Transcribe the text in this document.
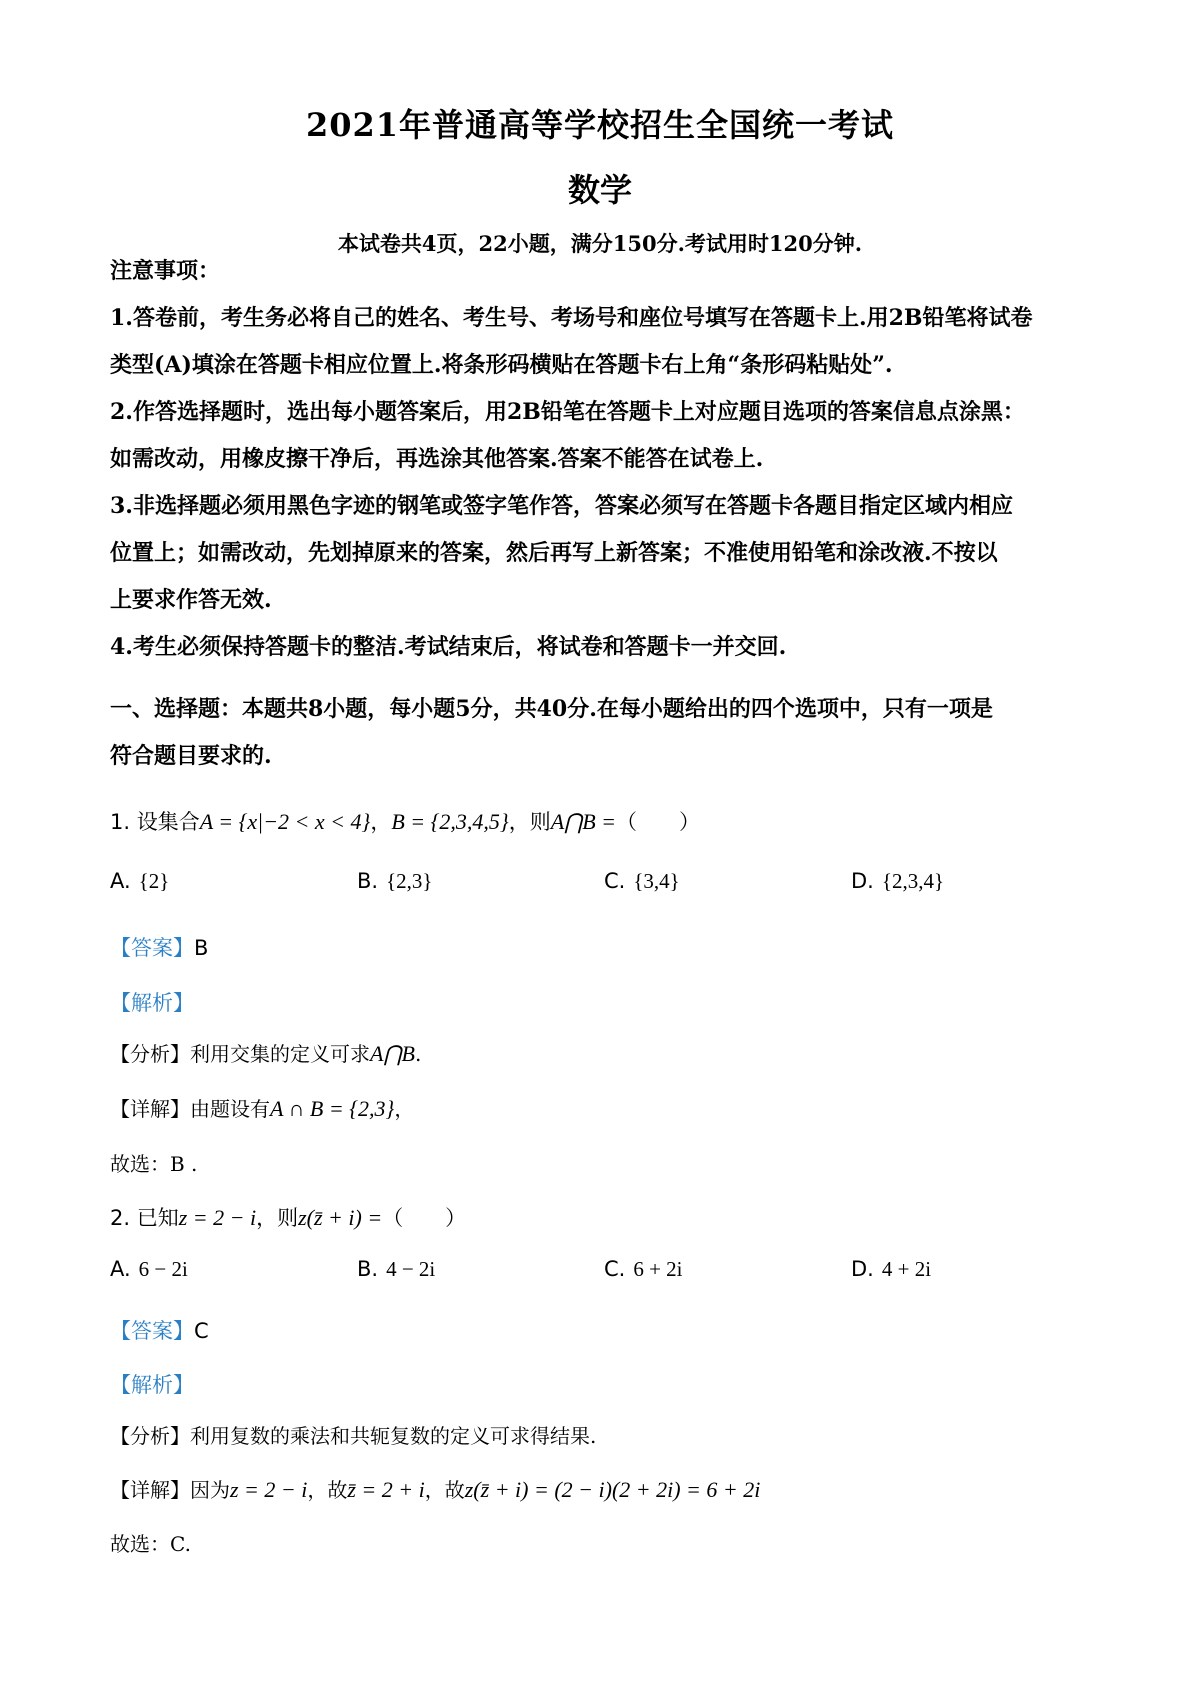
2021年普通高等学校招生全国统一考试
数学
本试卷共4页，22小题，满分150分.考试用时120分钟.
注意事项：

1.答卷前，考生务必将自己的姓名、考生号、考场号和座位号填写在答题卡上.用2B铅笔将试卷

类型(A)填涂在答题卡相应位置上.将条形码横贴在答题卡右上角“条形码粘贴处”.

2.作答选择题时，选出每小题答案后，用2B铅笔在答题卡上对应题目选项的答案信息点涂黑：

如需改动，用橡皮擦干净后，再选涂其他答案.答案不能答在试卷上.

3.非选择题必须用黑色字迹的钢笔或签字笔作答，答案必须写在答题卡各题目指定区域内相应

位置上；如需改动，先划掉原来的答案，然后再写上新答案；不准使用铅笔和涂改液.不按以

上要求作答无效.

4.考生必须保持答题卡的整洁.考试结束后，将试卷和答题卡一并交回.

一、选择题：本题共8小题，每小题5分，共40分.在每小题给出的四个选项中，只有一项是

符合题目要求的.

1. 设集合A = {x|−2 < x < 4}，B = {2,3,4,5}，则A⋂B =（　　）
A. {2}	B. {2,3}	C. {3,4}	D. {2,3,4}
【答案】B
【解析】
【分析】利用交集的定义可求A⋂B.
【详解】由题设有A ∩ B = {2,3}，
故选：B .
2. 已知z = 2 − i，则z(z̄ + i) =（　　）
A. 6 − 2i	B. 4 − 2i	C. 6 + 2i	D. 4 + 2i
【答案】C
【解析】
【分析】利用复数的乘法和共轭复数的定义可求得结果.
【详解】因为z = 2 − i，故z̄ = 2 + i，故z(z̄ + i) = (2 − i)(2 + 2i) = 6 + 2i
故选：C.
